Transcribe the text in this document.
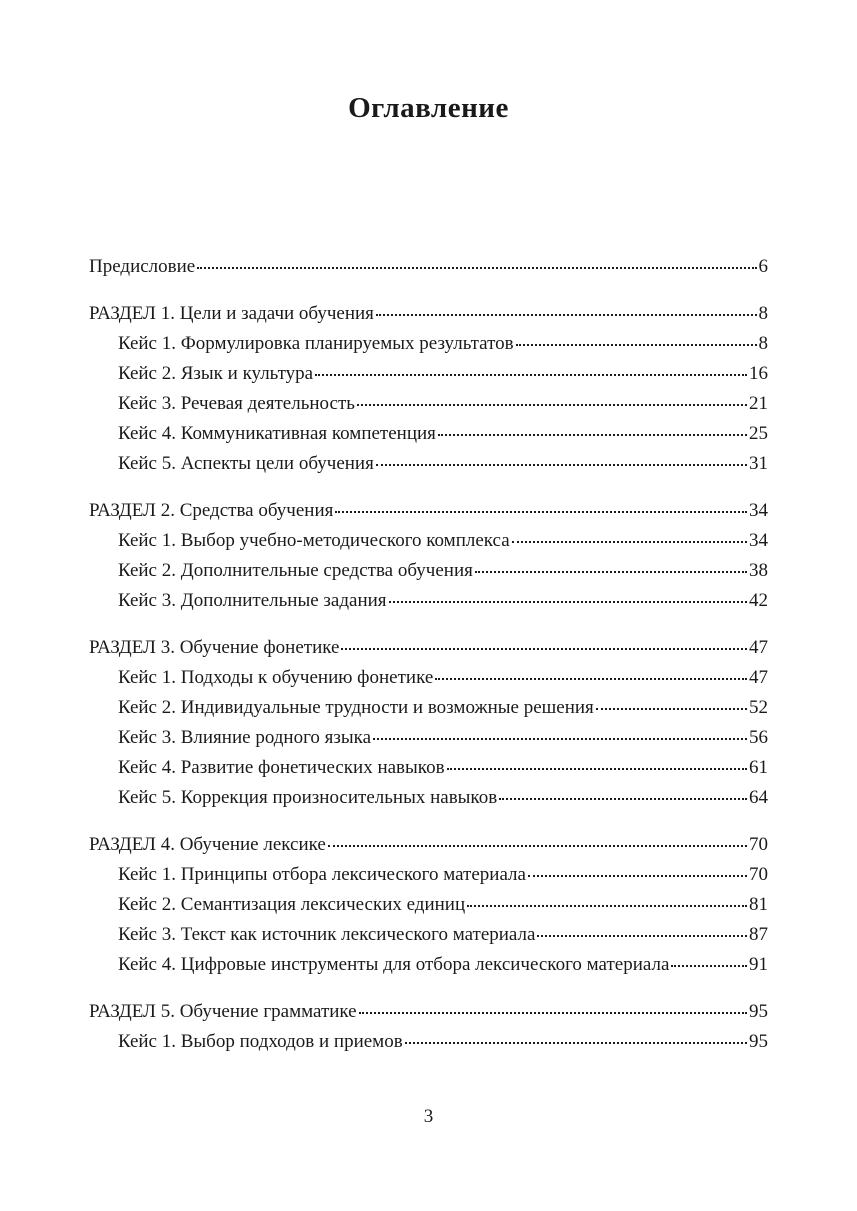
Оглавление
Предисловие	6
РАЗДЕЛ 1. Цели и задачи обучения	8
Кейс 1. Формулировка планируемых результатов	8
Кейс 2. Язык и культура	16
Кейс 3. Речевая деятельность	21
Кейс 4. Коммуникативная компетенция	25
Кейс 5. Аспекты цели обучения	31
РАЗДЕЛ 2. Средства обучения	34
Кейс 1. Выбор учебно-методического комплекса	34
Кейс 2. Дополнительные средства обучения	38
Кейс 3. Дополнительные задания	42
РАЗДЕЛ 3. Обучение фонетике	47
Кейс 1. Подходы к обучению фонетике	47
Кейс 2. Индивидуальные трудности и возможные решения	52
Кейс 3. Влияние родного языка	56
Кейс 4. Развитие фонетических навыков	61
Кейс 5. Коррекция произносительных навыков	64
РАЗДЕЛ 4. Обучение лексике	70
Кейс 1. Принципы отбора лексического материала	70
Кейс 2. Семантизация лексических единиц	81
Кейс 3. Текст как источник лексического материала	87
Кейс 4. Цифровые инструменты для отбора лексического материала	91
РАЗДЕЛ 5. Обучение грамматике	95
Кейс 1. Выбор подходов и приемов	95
3
